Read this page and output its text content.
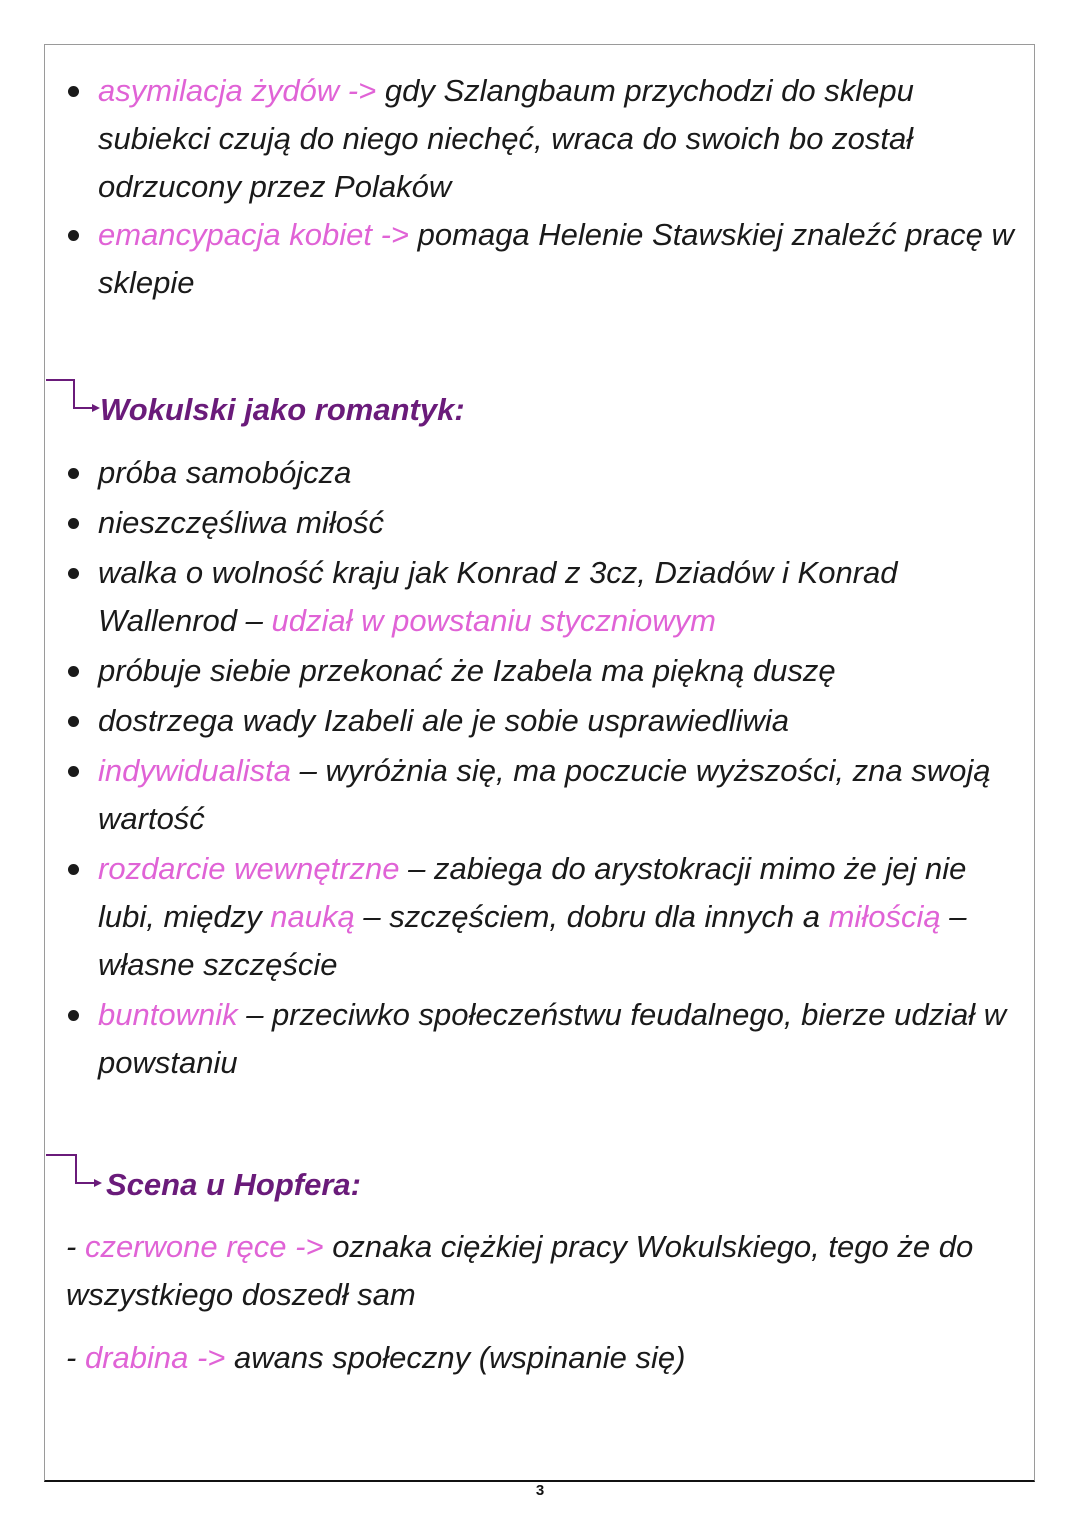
asymilacja żydów -> gdy Szlangbaum przychodzi do sklepu subiekci czują do niego niechęć, wraca do swoich bo został odrzucony przez Polaków
emancypacja kobiet -> pomaga Helenie Stawskiej znaleźć pracę w sklepie
Wokulski jako romantyk:
próba samobójcza
nieszczęśliwa miłość
walka o wolność kraju jak Konrad z 3cz, Dziadów i Konrad Wallenrod – udział w powstaniu styczniowym
próbuje siebie przekonać że Izabela ma piękną duszę
dostrzega wady Izabeli ale je sobie usprawiedliwia
indywidualista – wyróżnia się, ma poczucie wyższości, zna swoją wartość
rozdarcie wewnętrzne – zabiega do arystokracji mimo że jej nie lubi, między nauką – szczęściem, dobru dla innych a miłością – własne szczęście
buntownik – przeciwko społeczeństwu feudalnego, bierze udział w powstaniu
Scena u Hopfera:
- czerwone ręce -> oznaka ciężkiej pracy Wokulskiego, tego że do wszystkiego doszedł sam
- drabina -> awans społeczny (wspinanie się)
3
